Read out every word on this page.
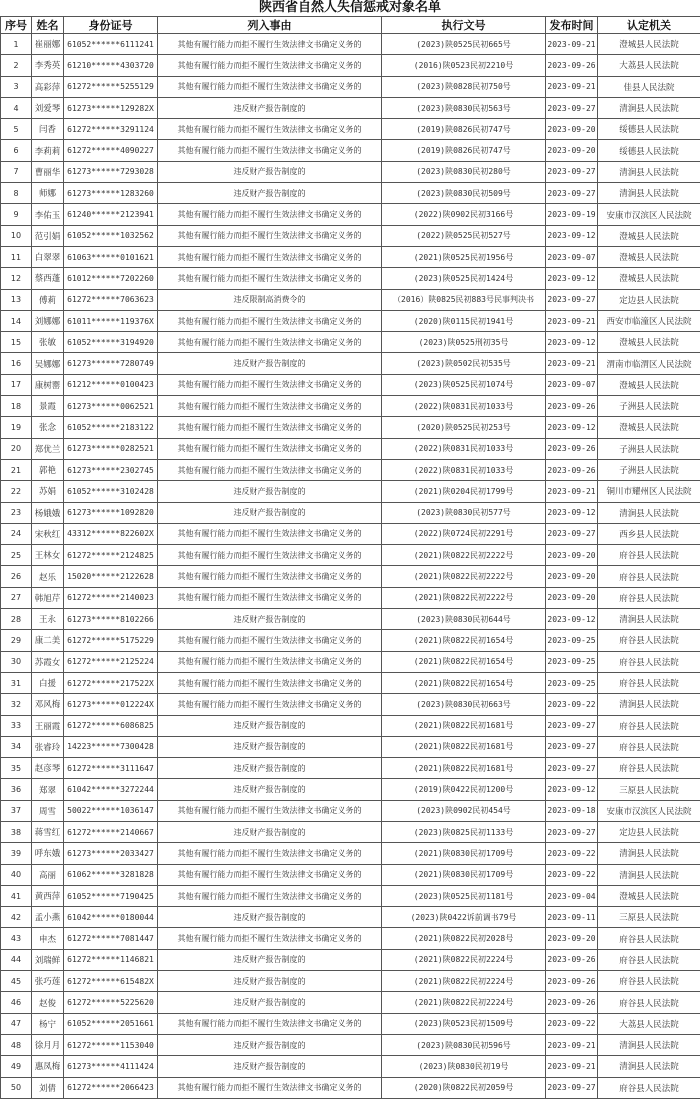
陕西省自然人失信惩戒对象名单
序号	姓名	身份证号	列入事由	执行文号	发布时间	认定机关
1	崔丽娜	61052******6111241	其他有履行能力而拒不履行生效法律文书确定义务的	(2023)陕0525民初665号	2023-09-21	澄城县人民法院
2	李秀英	61210******4303720	其他有履行能力而拒不履行生效法律文书确定义务的	(2016)陕0523民初2210号	2023-09-26	大荔县人民法院
3	高彩萍	61272******5255129	其他有履行能力而拒不履行生效法律文书确定义务的	(2023)陕0828民初750号	2023-09-21	佳县人民法院
4	刘爱琴	61273******129282X	违反财产报告制度的	(2023)陕0830民初563号	2023-09-27	清涧县人民法院
5	闫香	61272******3291124	其他有履行能力而拒不履行生效法律文书确定义务的	(2019)陕0826民初747号	2023-09-20	绥德县人民法院
6	李莉莉	61272******4090227	其他有履行能力而拒不履行生效法律文书确定义务的	(2019)陕0826民初747号	2023-09-20	绥德县人民法院
7	曹丽华	61273******7293028	违反财产报告制度的	(2023)陕0830民初280号	2023-09-27	清涧县人民法院
8	师娜	61273******1283260	违反财产报告制度的	(2023)陕0830民初509号	2023-09-27	清涧县人民法院
9	李佑玉	61240******2123941	其他有履行能力而拒不履行生效法律文书确定义务的	(2022)陕0902民初3166号	2023-09-19	安康市汉滨区人民法院
10	范引娟	61052******1032562	其他有履行能力而拒不履行生效法律文书确定义务的	(2022)陕0525民初527号	2023-09-12	澄城县人民法院
11	白翠翠	61063******0101621	其他有履行能力而拒不履行生效法律文书确定义务的	(2021)陕0525民初1956号	2023-09-07	澄城县人民法院
12	蔡西蓬	61012******7202260	其他有履行能力而拒不履行生效法律文书确定义务的	(2023)陕0525民初1424号	2023-09-12	澄城县人民法院
13	傅莉	61272******7063623	违反限制高消费令的	（2016）陕0825民初883号民事判决书	2023-09-27	定边县人民法院
14	刘娜娜	61011******119376X	其他有履行能力而拒不履行生效法律文书确定义务的	(2020)陕0115民初1941号	2023-09-21	西安市临潼区人民法院
15	张敏	61052******3194920	其他有履行能力而拒不履行生效法律文书确定义务的	(2023)陕0525刑初35号	2023-09-12	澄城县人民法院
16	吴娜娜	61273******7280749	违反财产报告制度的	(2023)陕0502民初535号	2023-09-21	渭南市临渭区人民法院
17	康树罂	61212******0100423	其他有履行能力而拒不履行生效法律文书确定义务的	(2023)陕0525民初1074号	2023-09-07	澄城县人民法院
18	景霞	61273******0062521	其他有履行能力而拒不履行生效法律文书确定义务的	(2022)陕0831民初1033号	2023-09-26	子洲县人民法院
19	张念	61052******2183122	其他有履行能力而拒不履行生效法律文书确定义务的	(2020)陕0525民初253号	2023-09-12	澄城县人民法院
20	郑优兰	61273******0282521	其他有履行能力而拒不履行生效法律文书确定义务的	(2022)陕0831民初1033号	2023-09-26	子洲县人民法院
21	郭艳	61273******2302745	其他有履行能力而拒不履行生效法律文书确定义务的	(2022)陕0831民初1033号	2023-09-26	子洲县人民法院
22	苏娟	61052******3102428	违反财产报告制度的	(2021)陕0204民初1799号	2023-09-21	铜川市耀州区人民法院
23	杨娥娥	61273******1092820	违反财产报告制度的	(2023)陕0830民初577号	2023-09-12	清涧县人民法院
24	宋秋红	43312******822602X	其他有履行能力而拒不履行生效法律文书确定义务的	(2022)陕0724民初2291号	2023-09-27	西乡县人民法院
25	王林女	61272******2124825	其他有履行能力而拒不履行生效法律文书确定义务的	(2021)陕0822民初2222号	2023-09-20	府谷县人民法院
26	赵乐	15020******2122628	其他有履行能力而拒不履行生效法律文书确定义务的	(2021)陕0822民初2222号	2023-09-20	府谷县人民法院
27	韩旭芹	61272******2140023	其他有履行能力而拒不履行生效法律文书确定义务的	(2021)陕0822民初2222号	2023-09-20	府谷县人民法院
28	王永	61273******8102266	违反财产报告制度的	(2023)陕0830民初644号	2023-09-12	清涧县人民法院
29	康二美	61272******5175229	其他有履行能力而拒不履行生效法律文书确定义务的	(2021)陕0822民初1654号	2023-09-25	府谷县人民法院
30	苏霞女	61272******2125224	其他有履行能力而拒不履行生效法律文书确定义务的	(2021)陕0822民初1654号	2023-09-25	府谷县人民法院
31	白援	61272******217522X	其他有履行能力而拒不履行生效法律文书确定义务的	(2021)陕0822民初1654号	2023-09-25	府谷县人民法院
32	邓风梅	61273******012224X	其他有履行能力而拒不履行生效法律文书确定义务的	(2023)陕0830民初663号	2023-09-22	清涧县人民法院
33	王丽霞	61272******6086825	违反财产报告制度的	(2021)陕0822民初1681号	2023-09-27	府谷县人民法院
34	张睿玲	14223******7300428	违反财产报告制度的	(2021)陕0822民初1681号	2023-09-27	府谷县人民法院
35	赵彦琴	61272******3111647	违反财产报告制度的	(2021)陕0822民初1681号	2023-09-27	府谷县人民法院
36	郑翠	61042******3272244	违反财产报告制度的	(2019)陕0422民初1200号	2023-09-12	三原县人民法院
37	周雪	50022******1036147	其他有履行能力而拒不履行生效法律文书确定义务的	(2023)陕0902民初454号	2023-09-18	安康市汉滨区人民法院
38	蒋雪红	61272******2140667	违反财产报告制度的	(2023)陕0825民初1133号	2023-09-27	定边县人民法院
39	呼东娥	61273******2033427	其他有履行能力而拒不履行生效法律文书确定义务的	(2021)陕0830民初1709号	2023-09-22	清涧县人民法院
40	高丽	61062******3281828	其他有履行能力而拒不履行生效法律文书确定义务的	(2021)陕0830民初1709号	2023-09-22	清涧县人民法院
41	黄西萍	61052******7190425	其他有履行能力而拒不履行生效法律文书确定义务的	(2023)陕0525民初1181号	2023-09-04	澄城县人民法院
42	孟小燕	61042******0180044	违反财产报告制度的	(2023)陕0422诉前调书79号	2023-09-11	三原县人民法院
43	申杰	61272******7081447	其他有履行能力而拒不履行生效法律文书确定义务的	(2021)陕0822民初2028号	2023-09-20	府谷县人民法院
44	刘瑞鲜	61272******1146821	违反财产报告制度的	(2021)陕0822民初2224号	2023-09-26	府谷县人民法院
45	张巧莲	61272******615482X	违反财产报告制度的	(2021)陕0822民初2224号	2023-09-26	府谷县人民法院
46	赵俊	61272******5225620	违反财产报告制度的	(2021)陕0822民初2224号	2023-09-26	府谷县人民法院
47	杨宁	61052******2051661	其他有履行能力而拒不履行生效法律文书确定义务的	(2023)陕0523民初1509号	2023-09-22	大荔县人民法院
48	徐月月	61272******1153040	违反财产报告制度的	(2023)陕0830民初596号	2023-09-21	清涧县人民法院
49	惠凤梅	61273******4111424	违反财产报告制度的	(2023)陕0830民初19号	2023-09-21	清涧县人民法院
50	刘倩	61272******2066423	其他有履行能力而拒不履行生效法律文书确定义务的	(2020)陕0822民初2059号	2023-09-27	府谷县人民法院
